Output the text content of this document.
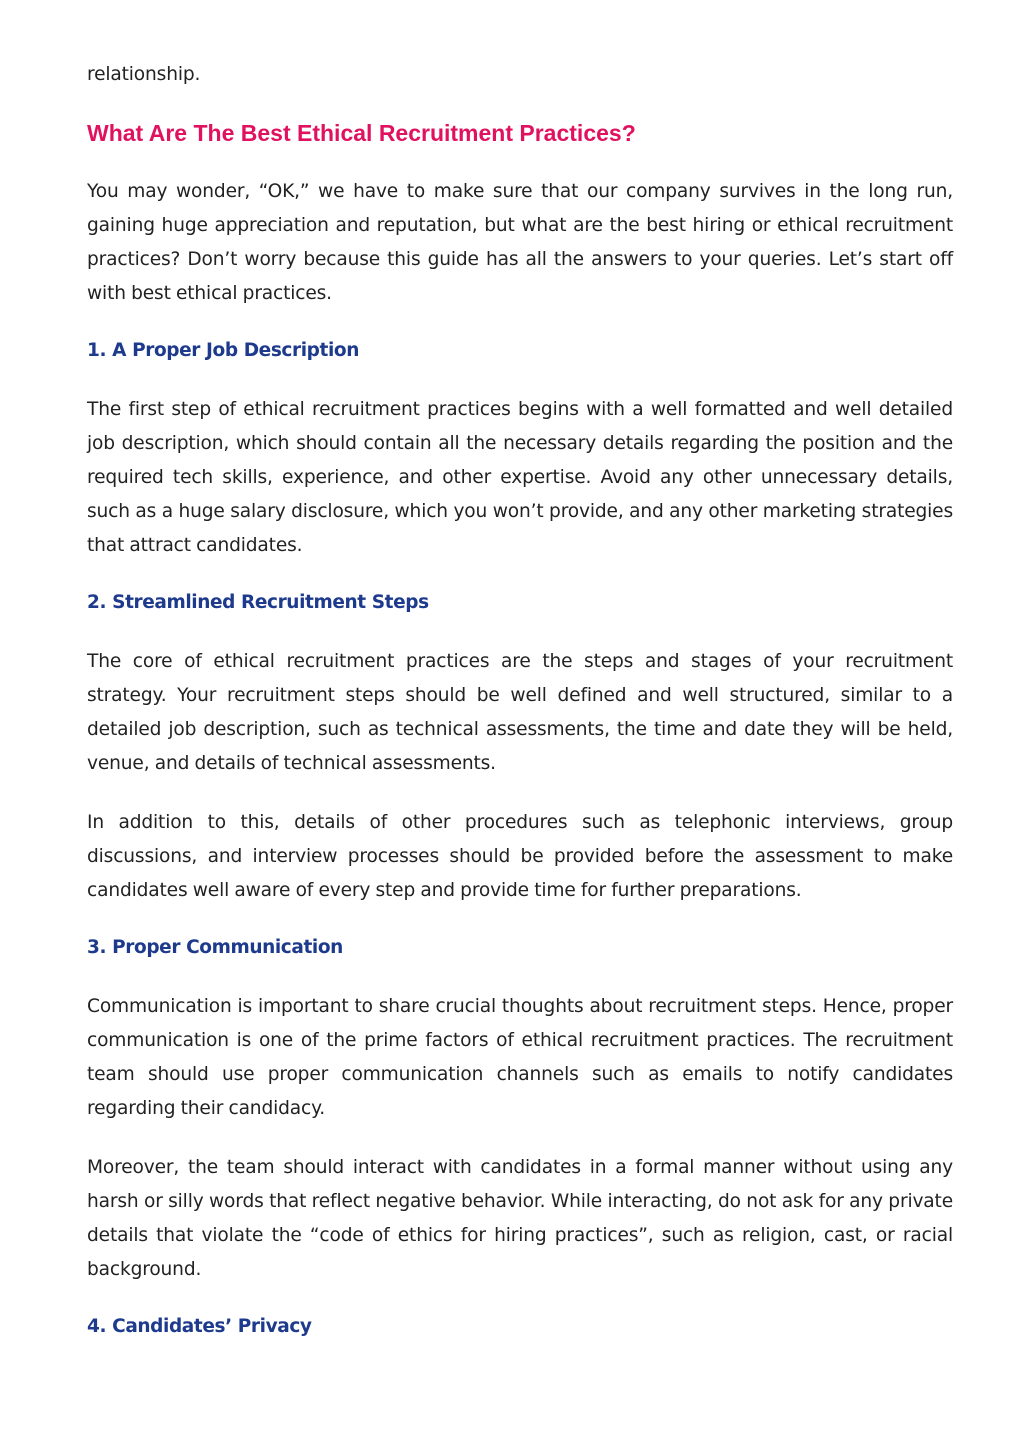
relationship.

What Are The Best Ethical Recruitment Practices?

You may wonder, “OK,” we have to make sure that our company survives in the long run, gaining huge appreciation and reputation, but what are the best hiring or ethical recruitment practices? Don’t worry because this guide has all the answers to your queries. Let’s start off with best ethical practices.

1. A Proper Job Description

The first step of ethical recruitment practices begins with a well formatted and well detailed job description, which should contain all the necessary details regarding the position and the required tech skills, experience, and other expertise. Avoid any other unnecessary details, such as a huge salary disclosure, which you won’t provide, and any other marketing strategies that attract candidates.

2. Streamlined Recruitment Steps

The core of ethical recruitment practices are the steps and stages of your recruitment strategy. Your recruitment steps should be well defined and well structured, similar to a detailed job description, such as technical assessments, the time and date they will be held, venue, and details of technical assessments.

In addition to this, details of other procedures such as telephonic interviews, group discussions, and interview processes should be provided before the assessment to make candidates well aware of every step and provide time for further preparations.

3. Proper Communication

Communication is important to share crucial thoughts about recruitment steps. Hence, proper communication is one of the prime factors of ethical recruitment practices. The recruitment team should use proper communication channels such as emails to notify candidates regarding their candidacy.

Moreover, the team should interact with candidates in a formal manner without using any harsh or silly words that reflect negative behavior. While interacting, do not ask for any private details that violate the “code of ethics for hiring practices”, such as religion, cast, or racial background.

4. Candidates’ Privacy
